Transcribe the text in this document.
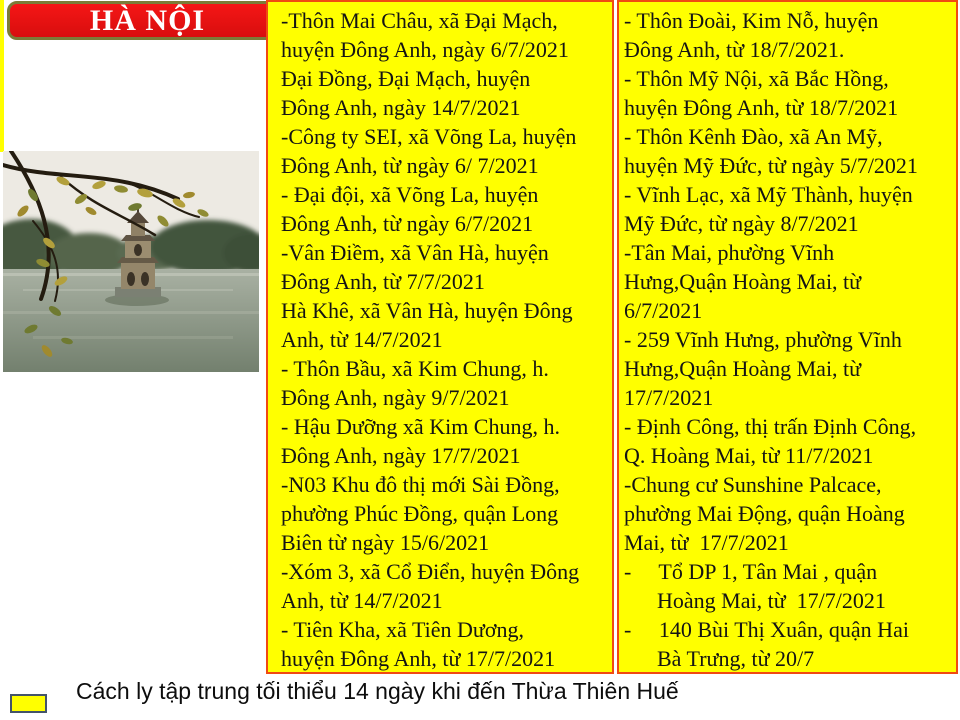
HÀ NỘI	-Thôn Mai Châu, xã Đại Mạch,
huyện Đông Anh, ngày 6/7/2021
Đại Đồng, Đại Mạch, huyện
Đông Anh, ngày 14/7/2021
-Công ty SEI, xã Võng La, huyện
Đông Anh, từ ngày 6/ 7/2021
- Đại đội, xã Võng La, huyện
Đông Anh, từ ngày 6/7/2021
-Vân Điềm, xã Vân Hà, huyện
Đông Anh, từ 7/7/2021
Hà Khê, xã Vân Hà, huyện Đông
Anh, từ 14/7/2021
- Thôn Bầu, xã Kim Chung, h.
Đông Anh, ngày 9/7/2021
- Hậu Dưỡng xã Kim Chung, h.
Đông Anh, ngày 17/7/2021
-N03 Khu đô thị mới Sài Đồng,
phường Phúc Đồng, quận Long
Biên từ ngày 15/6/2021
-Xóm 3, xã Cổ Điển, huyện Đông
Anh, từ 14/7/2021
- Tiên Kha, xã Tiên Dương,
huyện Đông Anh, từ 17/7/2021
- Thôn Đoài, Kim Nỗ, huyện
Đông Anh, từ 18/7/2021.
- Thôn Mỹ Nội, xã Bắc Hồng,
huyện Đông Anh, từ 18/7/2021
- Thôn Kênh Đào, xã An Mỹ,
huyện Mỹ Đức, từ ngày 5/7/2021
- Vĩnh Lạc, xã Mỹ Thành, huyện
Mỹ Đức, từ ngày 8/7/2021
-Tân Mai, phường Vĩnh
Hưng,Quận Hoàng Mai, từ
6/7/2021
- 259 Vĩnh Hưng, phường Vĩnh
Hưng,Quận Hoàng Mai, từ
17/7/2021
- Định Công, thị trấn Định Công,
Q. Hoàng Mai, từ 11/7/2021
-Chung cư Sunshine Palcace,
phường Mai Động, quận Hoàng
Mai, từ  17/7/2021
-     Tổ DP 1, Tân Mai , quận
Hoàng Mai, từ  17/7/2021
-     140 Bùi Thị Xuân, quận Hai
Bà Trưng, từ 20/7
Cách ly tập trung tối thiểu 14 ngày khi đến Thừa Thiên Huế
